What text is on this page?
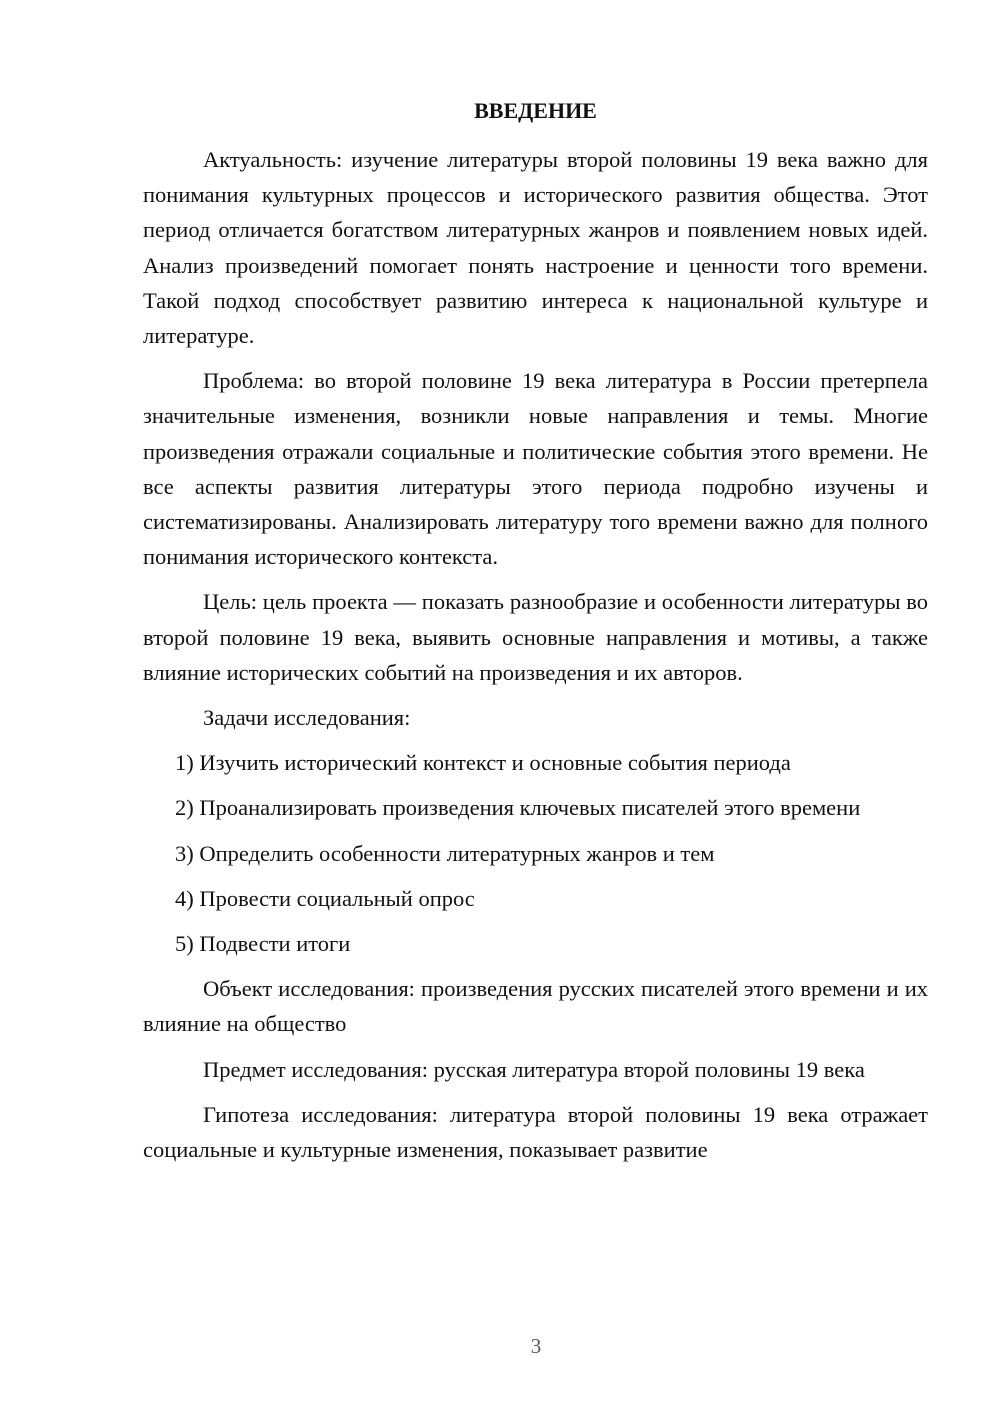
ВВЕДЕНИЕ

Актуальность: изучение литературы второй половины 19 века важно для понимания культурных процессов и исторического развития общества. Этот период отличается богатством литературных жанров и появлением новых идей. Анализ произведений помогает понять настроение и ценности того времени. Такой подход способствует развитию интереса к национальной культуре и литературе.

Проблема: во второй половине 19 века литература в России претерпела значительные изменения, возникли новые направления и темы. Многие произведения отражали социальные и политические события этого времени. Не все аспекты развития литературы этого периода подробно изучены и систематизированы. Анализировать литературу того времени важно для полного понимания исторического контекста.

Цель: цель проекта — показать разнообразие и особенности литературы во второй половине 19 века, выявить основные направления и мотивы, а также влияние исторических событий на произведения и их авторов.

Задачи исследования:

1) Изучить исторический контекст и основные события периода

2) Проанализировать произведения ключевых писателей этого времени

3) Определить особенности литературных жанров и тем

4) Провести социальный опрос

5) Подвести итоги

Объект исследования: произведения русских писателей этого времени и их влияние на общество

Предмет исследования: русская литература второй половины 19 века

Гипотеза исследования: литература второй половины 19 века отражает социальные и культурные изменения, показывает развитие

3
